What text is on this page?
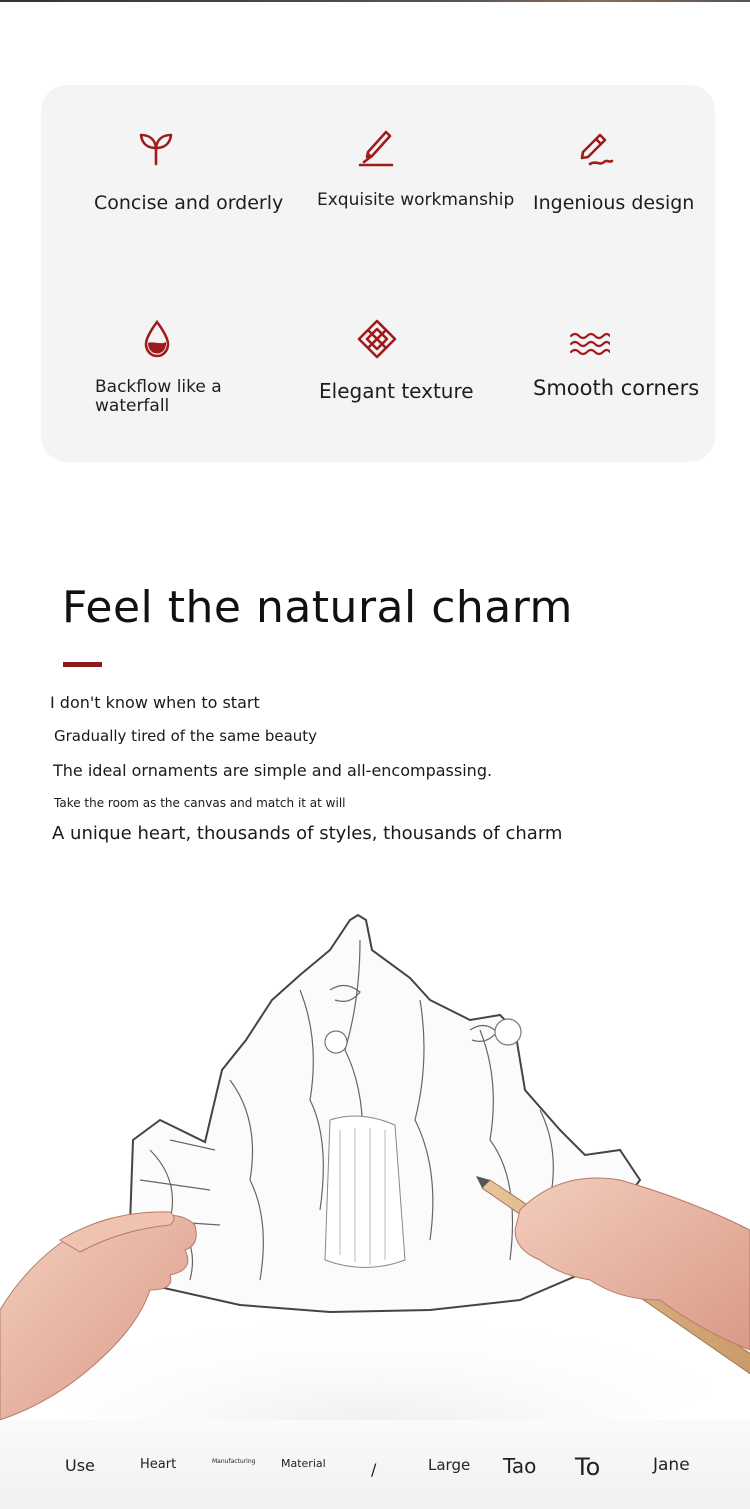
Concise and orderly Exquisite workmanship Ingenious design
Backflow like a waterfall
Elegant texture	Smooth corners
Feel the natural charm
I don't know when to start
Gradually tired of the same beauty
The ideal ornaments are simple and all-encompassing.
Take the room as the canvas and match it at will
A unique heart, thousands of styles, thousands of charm
Use	Heart	Manufacturing Material	/	Large Tao To	Jane
